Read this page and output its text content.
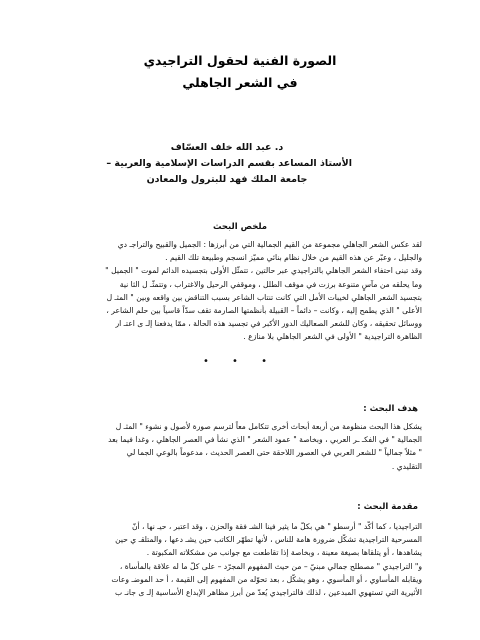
الصورة الفنية لحقول التراجيدي
في الشعر الجاهلي
د. عبد الله خلف العسّاف
الأستاذ المساعد بقسم الدراسات الإسلامية والعربية –
جامعة الملك فهد للبترول والمعادن
ملخص البحث

لقد عكس الشعر الجاهلي مجموعة من القيم الجمالية التي من أبرزها : الجميل والقبيح والتراجـ دي

والجليل ، وعبّر عن هذه القيم من خلال نظام بنائي مميّز انسجم وطبيعة تلك القيم .

وقد تبنى احتفاء الشعر الجاهلي بالتراجيدي عبر حالتين ، تتمثّل الأولى بتجسيده الدائم لموت " الجميل "

وما يحلقه من مآسٍ متنوعة برزت في موقف الطلل ، وموقفي الرحيل والاغتراب ، وتتمثّـ ل الثا نية

بتجسيد الشعر الجاهلي لخيبات الأمل التي كانت تنتاب الشاعر بسبب التناقض بين واقعه وبين " المثـ ل

الأعلى " الذي يطمح إليه ، وكانت – دائماً – القبيلة بأنظمتها الصارمة تقف سدّاً قاسياً بين حلم الشاعر ،

ووسائل تحقيقه ، وكان للشعر الصعاليك الدور الأكبر في تجسيد هذه الحالة ، ممّا يدفعنا إلـ ى اعتـ ار

الظاهرة التراجيدية " الأولى في الشعر الجاهلي بلا منازع .

• • •
هدف البحث :

يشكل هذا البحث منظومة من أربعة أبحاث أخرى تتكامل معاً لترسم صورة لأصول و نشوء " المثـ ل

الجمالية " في الفكـ ـر العربي ، وبخاصة " عمود الشعر " الذي نشأ في العصر الجاهلي ، وغدا فيما بعد

" مثلاً جمالياً " للشعر العربي في العصور اللاحقة حتى العصر الحديث ، مدعوماً بالوعي الجما لي

التقليدي .

مقدمة البحث :

التراجيديا ، كما أكّد " أرسطو " هي بكلّ ما يثير فينا الشـ فقة والحزن ، وقد اعتبر ، حيـ نها ، أنّ

المسرحية التراجيدية تشكّل ضرورة هامة للناس ، لأنها تطهّر الكاتب حين يشـ دعها ، والمتلقـ ي حين

يشاهدها ، أو يتلقاها بصيغة معينة ، وبخاصة إذا تقاطعت مع جوانب من مشكلاته المكبوتة .

و" التراجيدي " مصطلح جمالي مبنيّ – من حيث المفهوم المجرّد – على كلّ ما له علاقة بالمأساة ،

ويقابله المأساوي ، أو المأسوي ، وهو يشكّل ، بعد تحوّله من المفهوم إلى القيمة ، أ حد الموضـ وعات

الأثيرية التي تستهوي المبدعين ، لذلك فالتراجيدي يُعدّ من أبرز مظاهر الإبداع الأساسية إلـ ى جانـ ب
